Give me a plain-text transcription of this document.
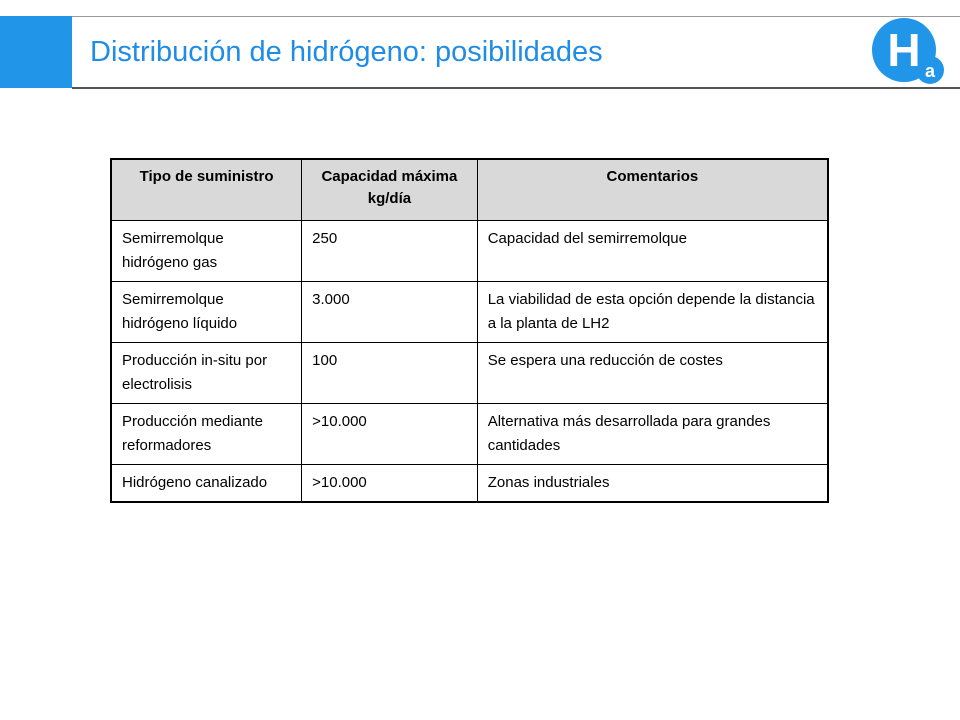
Distribución de hidrógeno: posibilidades	H a
Tipo de suministro	Capacidad máxima kg/día	Comentarios
Semirremolque hidrógeno gas	250	Capacidad del semirremolque
Semirremolque hidrógeno líquido	3.000	La viabilidad de esta opción depende la distancia a la planta de LH2
Producción in-situ por electrolisis	100	Se espera una reducción de costes
Producción mediante reformadores	>10.000	Alternativa más desarrollada para grandes cantidades
Hidrógeno canalizado	>10.000	Zonas industriales
